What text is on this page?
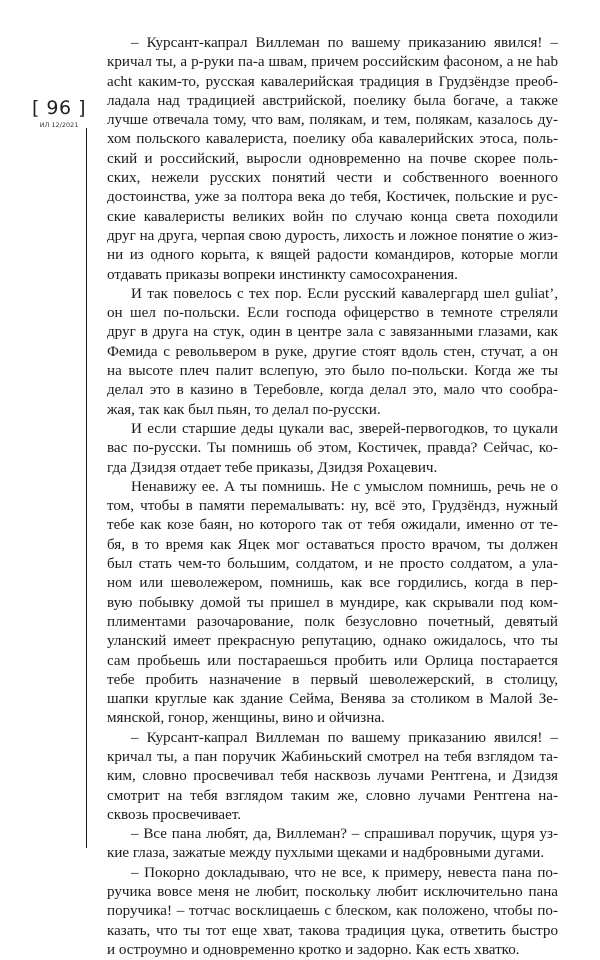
[ 96 ]
ИЛ 12/2021
– Курсант-капрал Виллеман по вашему приказанию явился! –
кричал ты, а р-руки па-а швам, причем российским фасоном, а не hab
acht каким-то, русская кавалерийская традиция в Грудзёндзе преоб-
ладала над традицией австрийской, поелику была богаче, а также
лучше отвечала тому, что вам, полякам, и тем, полякам, казалось ду-
хом польского кавалериста, поелику оба кавалерийских этоса, поль-
ский и российский, выросли одновременно на почве скорее поль-
ских, нежели русских понятий чести и собственного военного
достоинства, уже за полтора века до тебя, Костичек, польские и рус-
ские кавалеристы великих войн по случаю конца света походили
друг на друга, черпая свою дурость, лихость и ложное понятие о жиз-
ни из одного корыта, к вящей радости командиров, которые могли
отдавать приказы вопреки инстинкту самосохранения.
И так повелось с тех пор. Если русский кавалергард шел guliat’,
он шел по-польски. Если господа офицерство в темноте стреляли
друг в друга на стук, один в центре зала с завязанными глазами, как
Фемида с револьвером в руке, другие стоят вдоль стен, стучат, а он
на высоте плеч палит вслепую, это было по-польски. Когда же ты
делал это в казино в Теребовле, когда делал это, мало что сообра-
жая, так как был пьян, то делал по-русски.
И если старшие деды цукали вас, зверей-первогодков, то цукали
вас по-русски. Ты помнишь об этом, Костичек, правда? Сейчас, ко-
гда Дзидзя отдает тебе приказы, Дзидзя Рохацевич.
Ненавижу ее. А ты помнишь. Не с умыслом помнишь, речь не о
том, чтобы в памяти перемалывать: ну, всё это, Грудзёндз, нужный
тебе как козе баян, но которого так от тебя ожидали, именно от те-
бя, в то время как Яцек мог оставаться просто врачом, ты должен
был стать чем-то большим, солдатом, и не просто солдатом, а ула-
ном или шеволежером, помнишь, как все гордились, когда в пер-
вую побывку домой ты пришел в мундире, как скрывали под ком-
плиментами разочарование, полк безусловно почетный, девятый
уланский имеет прекрасную репутацию, однако ожидалось, что ты
сам пробьешь или постараешься пробить или Орлица постарается
тебе пробить назначение в первый шеволежерский, в столицу,
шапки круглые как здание Сейма, Венява за столиком в Малой Зе-
мянской, гонор, женщины, вино и ойчизна.
– Курсант-капрал Виллеман по вашему приказанию явился! –
кричал ты, а пан поручик Жабиньский смотрел на тебя взглядом та-
ким, словно просвечивал тебя насквозь лучами Рентгена, и Дзидзя
смотрит на тебя взглядом таким же, словно лучами Рентгена на-
сквозь просвечивает.
– Все пана любят, да, Виллеман? – спрашивал поручик, щуря уз-
кие глаза, зажатые между пухлыми щеками и надбровными дугами.
– Покорно докладываю, что не все, к примеру, невеста пана по-
ручика вовсе меня не любит, поскольку любит исключительно пана
поручика! – тотчас восклицаешь с блеском, как положено, чтобы по-
казать, что ты тот еще хват, такова традиция цука, ответить быстро
и остроумно и одновременно кротко и задорно. Как есть хватко.
